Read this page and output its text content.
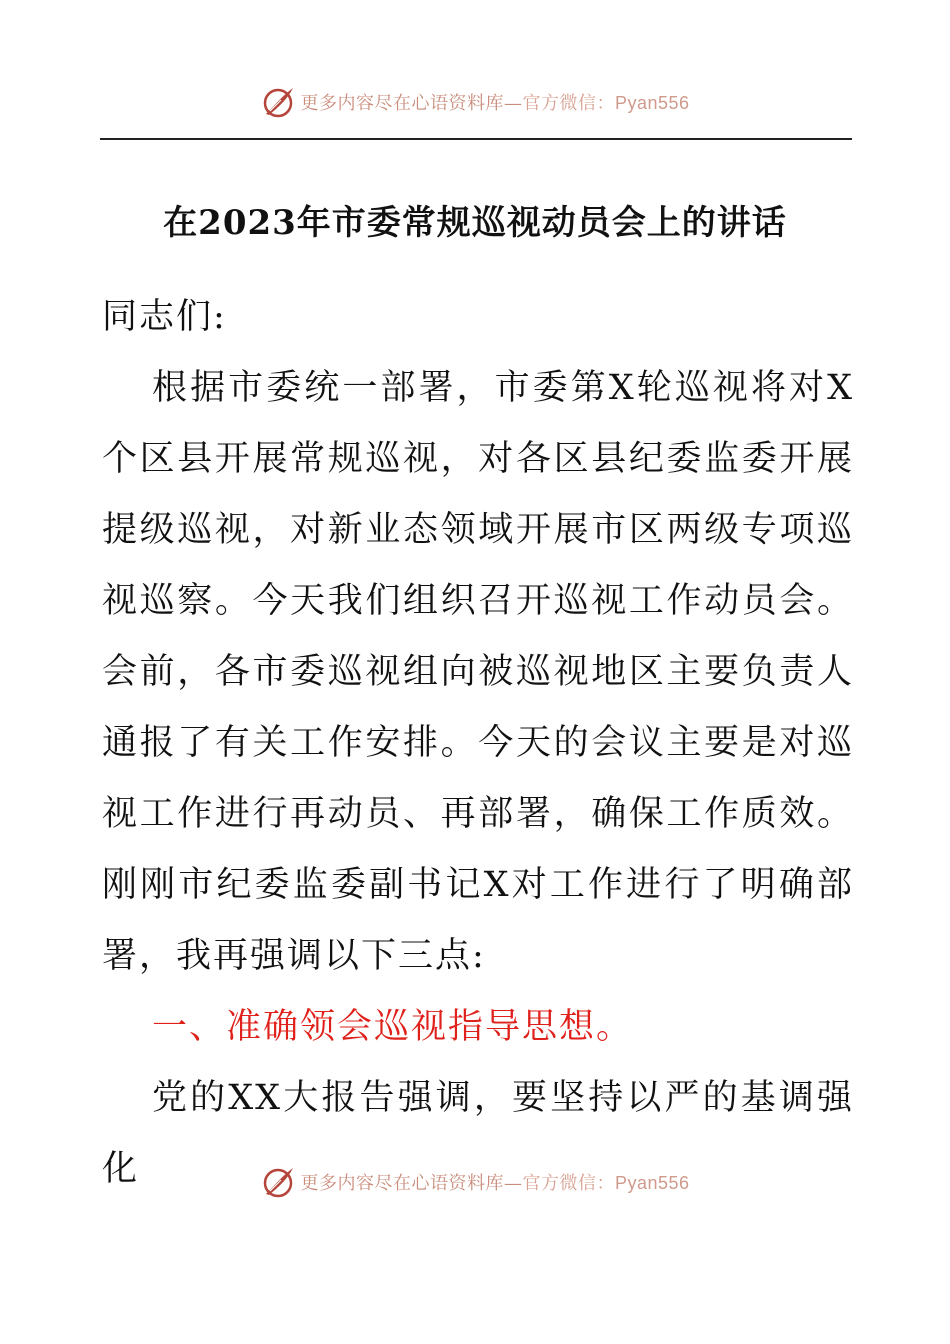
更多内容尽在心语资料库—官方微信：Pyan556
在2023年市委常规巡视动员会上的讲话

同志们:

根据市委统一部署，市委第X轮巡视将对X个区县开展常规巡视，对各区县纪委监委开展提级巡视，对新业态领域开展市区两级专项巡视巡察。今天我们组织召开巡视工作动员会。会前，各市委巡视组向被巡视地区主要负责人通报了有关工作安排。今天的会议主要是对巡视工作进行再动员、再部署，确保工作质效。刚刚市纪委监委副书记X对工作进行了明确部署，我再强调以下三点:

一、准确领会巡视指导思想。

党的XX大报告强调，要坚持以严的基调强化	更多内容尽在心语资料库—官方微信：Pyan556
